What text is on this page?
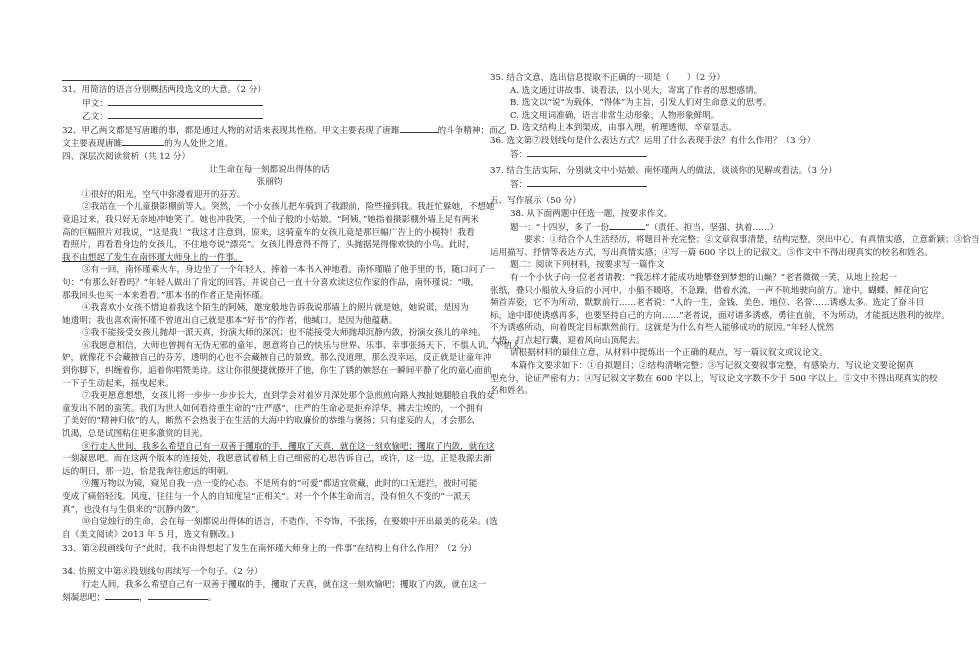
31、用简洁的语言分别概括两段选文的大意。（2 分）
甲文：
乙文：
32、甲乙两文都是写唐雎的事，都是通过人物的对话来表现其性格。甲文主要表现了唐雎	的斗争精神；而乙
文主要表现唐雎	的为人处世之道。
四、深层次阅读赏析（共 12 分）
让生命在每一刻都说出得体的话
张丽钧
①很好的阳光，空气中弥漫着迎开的芬芳。
②我站在一个儿童摄影棚前等人。突然，一个小女孩儿把车骑到了我跟前，险些撞到我。我赶忙躲她，不想她
竟追过来，我只好无奈地冲她笑了。她也冲我笑，一个仙子般的小姑娘。“阿姨，”她指着摄影棚外墙上足有两米
高的巨幅照片对我说，“这是我！”我这才注意到，原来，这骑童车的女孩儿竟是那巨幅广告上的小模特！我看
看照片，再看看身边的女孩儿，不住地夸说“漂亮”。女孩儿得意得不得了，头抛据晃得像欢快的小鸟。此时，
我不由想起了发生在南怀瑾大师身上的一件事。
③有一回，南怀瑾乘火车，身边坐了一个年轻人，捧着一本书入神地看。南怀瑾瞄了他手里的书，随口问了一
句：“有那么好看吗？”年轻人做出了肯定的回答，并说自己一直十分喜欢读这位作家的作品，南怀瑾说：“哦，
那我回头也买一本来看看。”那本书的作者正是南怀瑾。
④我喜欢小女孩不惜迫着我这个陌生的阿姨，邀宠般地告诉我说那墙上的照片就是她，她说谎，是因为
她遗明；我也喜欢南怀瑾不曾道出自己就是那本“好书”的作者，他缄口，是因为他蕴藉。
⑤我不能接受女孩儿抛却一派天真，扮演大师的深沉；也不能接受大师抛却沉静内敛，扮演女孩儿的单纯。
⑥我愿意相信，大师也曾拥有无伪无邪的童年，愿意将自己的快乐与世界、乐事、幸事张扬天下，不惧人讥，不怕人
妒，就像花不会藏掖自己的芬芳，透明的心也不会藏掖自己的景致。那么没道理，那么没幸运，反正就是让童年沖
到你脚下，纠缠着你，追着你唱赞美诗。这让你很便捷就撩开了他，你生了锈的嫉怒在一瞬间平静了化的童心面前
一下子生动起来，摇曳起来。
⑦我更愿意想想，女孩儿将一步步一步步长大，直到学会对着岁月深处那个急煎煎向路人拽扯她腿般自我的女
童发出不屑的蛮笑。我们为世人如何看待重生命的“庄严感”，庄严的生命必是拒弃浮华，拂去尘埃的，一个拥有
了美好的“精神归依”的人，断然不会热衷于在生活的大海中钓取廉价的恭维与褒扬；只有虚妄的人，才会那么
饥渴，总是试图粘住更多激赏的目光。
⑧行走人世间，我多么希望自己有一双善于攫取的手，攫取了天真，就在这一刻欢愉吧；攫取了内敛，就在这
一刻凝思吧。而在这两个版本的连接处，我愿意试着稍上自己细密的心思告诉自己，或许，这一边，正是我源去渐
远的明日，那一边，恰是我奔往愈远的明朝。
⑨攫万物以为镜，窥见自我一点一变的心态。不是所有的“可爱”都适宜赏藏，此时的口无遮拦，彼时可能
变成了痛俗轻浅。风度，往往与一个人的自知度呈“正相关”。对一个个体生命而言，没有恒久不变的“一派天
真”，也没有与生俱来的“沉静内敛”。
⑩自觉烛行的生命，会在每一刻都说出得体的语言，不造作，不夸饰，不张扬，在娶娘中开出最美的花朵。(选
自《美文阅读》2013 年 5 月，选文有删改。)
33、第②段画线句子“此时，我不由得想起了发生在南怀瑾大师身上的一件事”在结构上有什么作用？（2 分）
34. 仿照文中第⑧段划线句再续写一个句子。（2 分）
行走人间，我多么希望自己有一双善于攫取的手，攫取了天真，就在这一刻欢愉吧；攫取了内敛，就在这一
刻凝思吧；	，	。
35. 结合文意，选出信息提取不正确的一项是（　　）（2 分）
A. 选文通过讲故事、谈看法，以小见大，寄寓了作者的思想感情。
B. 选文以“说”为载体，“得体”为主旨，引发人们对生命意义的思考。
C. 选文用词准确，语言非常生动形象，人物形象鲜明。
D. 选文结构上本到渠成，由事入理，析理透彻，卒章显志。
36. 选文第⑦段划线句是什么表达方式？运用了什么表现手法？有什么作用？（3 分）
答：
37. 结合生活实际，分别就文中小姑娘、南怀瑾两人的做法，谈谈你的见解或看法。（3 分）
答：
五、写作展示（50 分）
38. 从下面两题中任选一题，按要求作文。
题一：“十四岁，多了一份	”（责任、担当、坚强、执着……）
要求：①结合个人生活经历，将题目补充完整；②文章叙事清楚，结构完整，突出中心，有真情实感，立意新颖；③恰当
运用描写、抒情等表达方式，写出真情实感；④写一篇 600 字以上的记叙文。⑤作文中不得出现真实的校名和姓名。
题二：阅读下列材料，按要求写一篇作文
有一个小伙子向一位老者请教：“我怎样才能成功地攀登到梦想的山巅？”老者微微一笑，从地上捡起一
张纸，叠只小船放入身后的小河中，小船不暖咯，不急躁，借着水流，一声不吭地驶向前方。途中，蝴蝶、鲜花向它
频首弄姿，它不为所动，默默前行……老者说：“人的一生，金钱、美色、地位、名誉……诱惑太多。选定了奋斗目
标，途中即使诱惑再多，也要坚持自己的方向……”老者说，面对诸多诱惑，勇往直前，不为所动，才能抵达胜利的彼岸。
不为诱惑所动，向着既定目标默然前行。这就是为什么有些人能够成功的原因。”年轻人恍然
大悟，打点起行囊，迎着风向山顶爬去。
请根据材料的最佳立意，从材料中提炼出一个正确的观点，写一篇议叙文或议论文。
本篇作文要求如下：①自拟题目；②结构清晰完整；③写记叙文要叙事完整，有感染力，写议论文要论据真
型充分，论证严密有力；④写记叙文字数在 600 字以上，写议论文字数不少于 500 字以上。⑤文中不得出现真实的校
名和姓名。
